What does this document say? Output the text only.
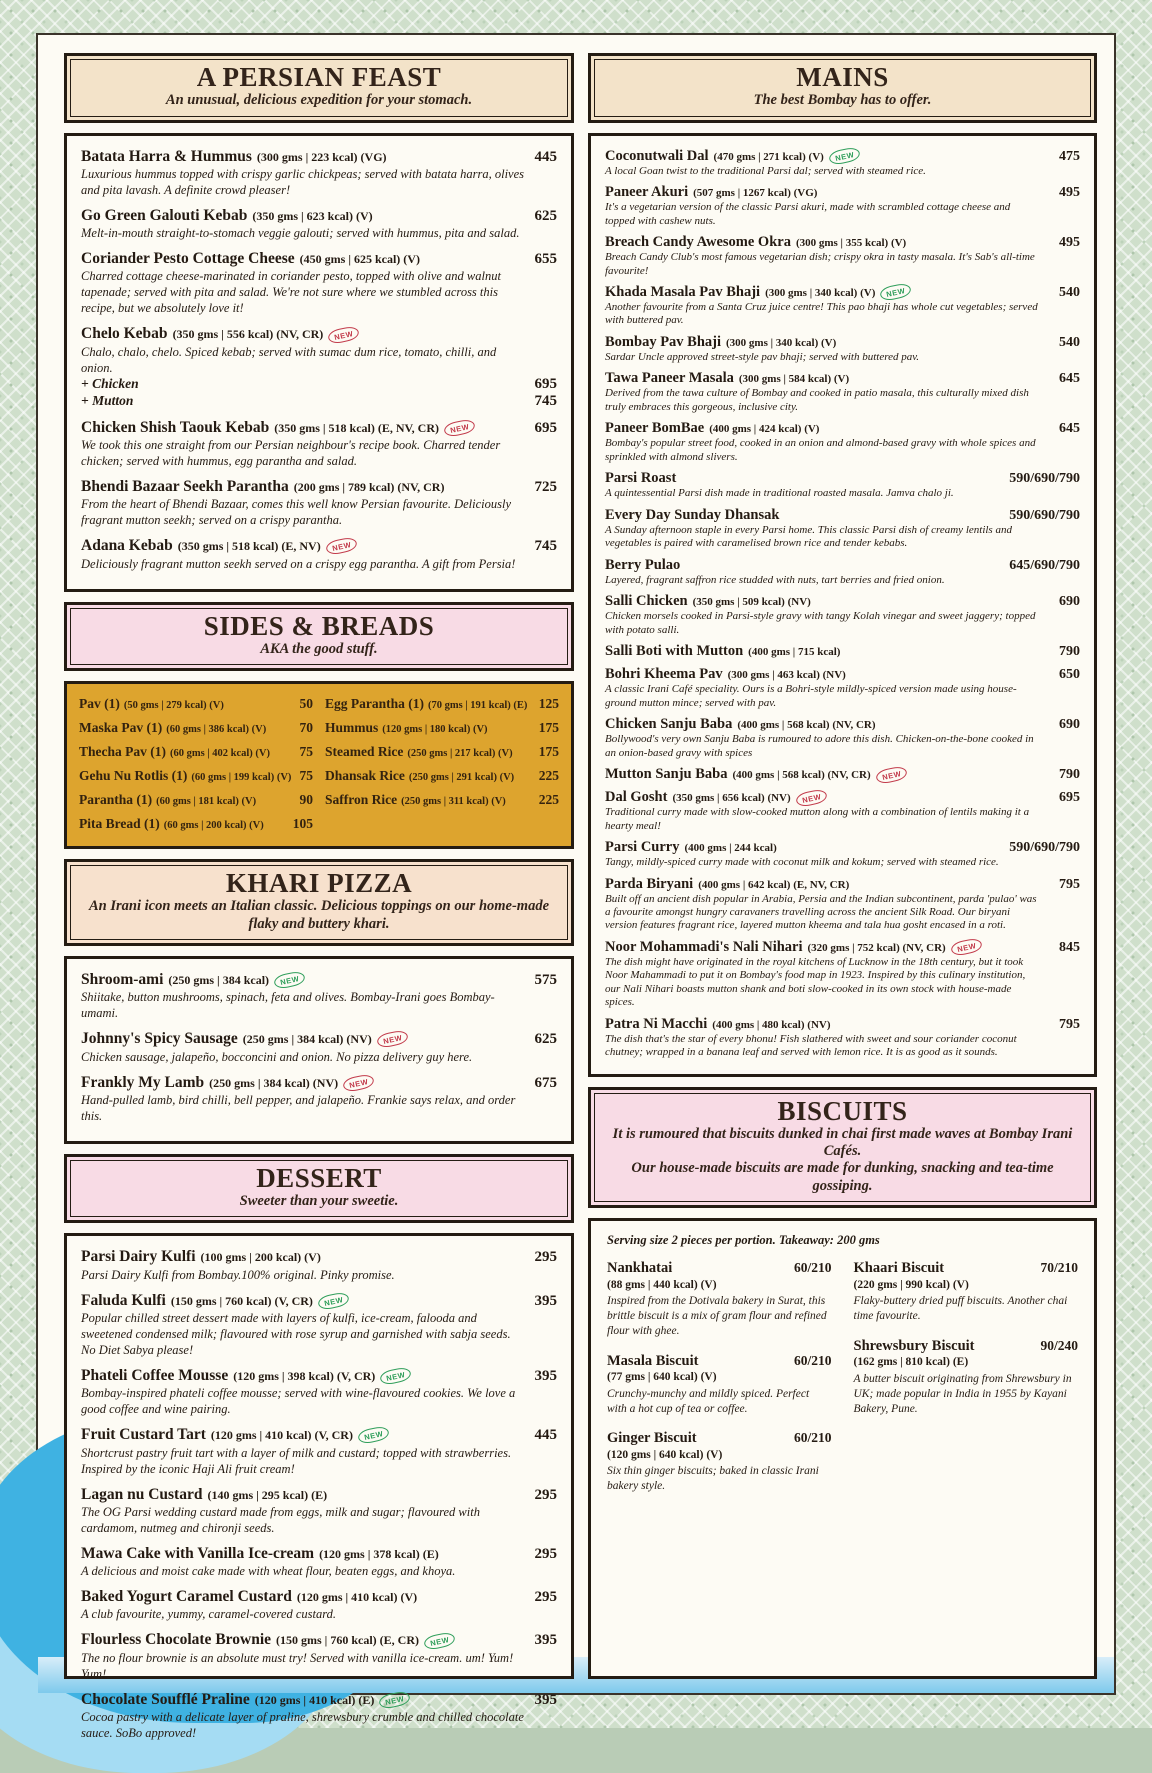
A PERSIAN FEAST
An unusual, delicious expedition for your stomach.
Batata Harra & Hummus (300 gms | 223 kcal) (VG)	445
Luxurious hummus topped with crispy garlic chickpeas; served with batata harra, olives and pita lavash. A definite crowd pleaser!
Go Green Galouti Kebab (350 gms | 623 kcal) (V)	625
Melt-in-mouth straight-to-stomach veggie galouti; served with hummus, pita and salad.
Coriander Pesto Cottage Cheese (450 gms | 625 kcal) (V)	655
Charred cottage cheese-marinated in coriander pesto, topped with olive and walnut tapenade; served with pita and salad. We're not sure where we stumbled across this recipe, but we absolutely love it!
Chelo Kebab (350 gms | 556 kcal) (NV, CR)	NEW
Chalo, chalo, chelo. Spiced kebab; served with sumac dum rice, tomato, chilli, and onion.
+ Chicken	695
+ Mutton	745
Chicken Shish Taouk Kebab (350 gms | 518 kcal) (E, NV, CR)	NEW	695
We took this one straight from our Persian neighbour's recipe book. Charred tender chicken; served with hummus, egg parantha and salad.
Bhendi Bazaar Seekh Parantha (200 gms | 789 kcal) (NV, CR)	725
From the heart of Bhendi Bazaar, comes this well know Persian favourite. Deliciously fragrant mutton seekh; served on a crispy parantha.
Adana Kebab (350 gms | 518 kcal) (E, NV)	NEW	745
Deliciously fragrant mutton seekh served on a crispy egg parantha. A gift from Persia!
SIDES & BREADS
AKA the good stuff.
Pav (1) (50 gms | 279 kcal) (V)	50
Maska Pav (1) (60 gms | 386 kcal) (V) 70
Thecha Pav (1) (60 gms | 402 kcal) (V) 75
Gehu Nu Rotlis (1) (60 gms | 199 kcal) (V) 75
Parantha (1) (60 gms | 181 kcal) (V)	90
Pita Bread (1) (60 gms | 200 kcal) (V) 105
Egg Parantha (1) (70 gms | 191 kcal) (E) 125
Hummus (120 gms | 180 kcal) (V)	175
Steamed Rice (250 gms | 217 kcal) (V) 175
Dhansak Rice (250 gms | 291 kcal) (V) 225
Saffron Rice (250 gms | 311 kcal) (V) 225
KHARI PIZZA
An Irani icon meets an Italian classic. Delicious toppings on our home-made flaky and buttery khari.
Shroom-ami (250 gms | 384 kcal)	NEW	575
Shiitake, button mushrooms, spinach, feta and olives. Bombay-Irani goes Bombay-umami.
Johnny's Spicy Sausage (250 gms | 384 kcal) (NV)	NEW	625
Chicken sausage, jalapeño, bocconcini and onion. No pizza delivery guy here.
Frankly My Lamb (250 gms | 384 kcal) (NV)	NEW	675
Hand-pulled lamb, bird chilli, bell pepper, and jalapeño. Frankie says relax, and order this.
DESSERT
Sweeter than your sweetie.
Parsi Dairy Kulfi (100 gms | 200 kcal) (V)	295
Parsi Dairy Kulfi from Bombay.100% original. Pinky promise.
Faluda Kulfi (150 gms | 760 kcal) (V, CR)	NEW	395
Popular chilled street dessert made with layers of kulfi, ice-cream, falooda and sweetened condensed milk; flavoured with rose syrup and garnished with sabja seeds. No Diet Sabya please!
Phateli Coffee Mousse (120 gms | 398 kcal) (V, CR)	NEW	395
Bombay-inspired phateli coffee mousse; served with wine-flavoured cookies. We love a good coffee and wine pairing.
Fruit Custard Tart (120 gms | 410 kcal) (V, CR)	NEW	445
Shortcrust pastry fruit tart with a layer of milk and custard; topped with strawberries. Inspired by the iconic Haji Ali fruit cream!
Lagan nu Custard (140 gms | 295 kcal) (E)	295
The OG Parsi wedding custard made from eggs, milk and sugar; flavoured with cardamom, nutmeg and chironji seeds.
Mawa Cake with Vanilla Ice-cream (120 gms | 378 kcal) (E)	295
A delicious and moist cake made with wheat flour, beaten eggs, and khoya.
Baked Yogurt Caramel Custard (120 gms | 410 kcal) (V)	295
A club favourite, yummy, caramel-covered custard.
Flourless Chocolate Brownie (150 gms | 760 kcal) (E, CR)	NEW	395
The no flour brownie is an absolute must try! Served with vanilla ice-cream. um! Yum! Yum!
Chocolate Soufflé Praline (120 gms | 410 kcal) (E)	NEW	395
Cocoa pastry with a delicate layer of praline, shrewsbury crumble and chilled chocolate sauce. SoBo approved!
MAINS
The best Bombay has to offer.
Coconutwali Dal (470 gms | 271 kcal) (V)	NEW	475
A local Goan twist to the traditional Parsi dal; served with steamed rice.
Paneer Akuri (507 gms | 1267 kcal) (VG)	495
It's a vegetarian version of the classic Parsi akuri, made with scrambled cottage cheese and topped with cashew nuts.
Breach Candy Awesome Okra (300 gms | 355 kcal) (V)	495
Breach Candy Club's most famous vegetarian dish; crispy okra in tasty masala. It's Sab's all-time favourite!
Khada Masala Pav Bhaji (300 gms | 340 kcal) (V)	NEW	540
Another favourite from a Santa Cruz juice centre! This pao bhaji has whole cut vegetables; served with buttered pav.
Bombay Pav Bhaji (300 gms | 340 kcal) (V)	540
Sardar Uncle approved street-style pav bhaji; served with buttered pav.
Tawa Paneer Masala (300 gms | 584 kcal) (V)	645
Derived from the tawa culture of Bombay and cooked in patio masala, this culturally mixed dish truly embraces this gorgeous, inclusive city.
Paneer BomBae (400 gms | 424 kcal) (V)	645
Bombay's popular street food, cooked in an onion and almond-based gravy with whole spices and sprinkled with almond slivers.
Parsi Roast	590/690/790
A quintessential Parsi dish made in traditional roasted masala. Jamva chalo ji.
Every Day Sunday Dhansak	590/690/790
A Sunday afternoon staple in every Parsi home. This classic Parsi dish of creamy lentils and vegetables is paired with caramelised brown rice and tender kebabs.
Berry Pulao	645/690/790
Layered, fragrant saffron rice studded with nuts, tart berries and fried onion.
Salli Chicken (350 gms | 509 kcal) (NV)	690
Chicken morsels cooked in Parsi-style gravy with tangy Kolah vinegar and sweet jaggery; topped with potato salli.
Salli Boti with Mutton (400 gms | 715 kcal)	790
Bohri Kheema Pav (300 gms | 463 kcal) (NV)	650
A classic Irani Café speciality. Ours is a Bohri-style mildly-spiced version made using house-ground mutton mince; served with pav.
Chicken Sanju Baba (400 gms | 568 kcal) (NV, CR)	690
Bollywood's very own Sanju Baba is rumoured to adore this dish. Chicken-on-the-bone cooked in an onion-based gravy with spices
Mutton Sanju Baba (400 gms | 568 kcal) (NV, CR)	NEW	790
Dal Gosht (350 gms | 656 kcal) (NV)	NEW	695
Traditional curry made with slow-cooked mutton along with a combination of lentils making it a hearty meal!
Parsi Curry (400 gms | 244 kcal)	590/690/790
Tangy, mildly-spiced curry made with coconut milk and kokum; served with steamed rice.
Parda Biryani (400 gms | 642 kcal) (E, NV, CR)	795
Built off an ancient dish popular in Arabia, Persia and the Indian subcontinent, parda 'pulao' was a favourite amongst hungry caravaners travelling across the ancient Silk Road. Our biryani version features fragrant rice, layered mutton kheema and tala hua gosht encased in a roti.
Noor Mohammadi's Nali Nihari (320 gms | 752 kcal) (NV, CR)	NEW	845
The dish might have originated in the royal kitchens of Lucknow in the 18th century, but it took Noor Mahammadi to put it on Bombay's food map in 1923. Inspired by this culinary institution, our Nali Nihari boasts mutton shank and boti slow-cooked in its own stock with house-made spices.
Patra Ni Macchi (400 gms | 480 kcal) (NV)	795
The dish that's the star of every bhonu! Fish slathered with sweet and sour coriander coconut chutney; wrapped in a banana leaf and served with lemon rice. It is as good as it sounds.
BISCUITS
It is rumoured that biscuits dunked in chai first made waves at Bombay Irani Cafés.
Our house-made biscuits are made for dunking, snacking and tea-time gossiping.
Serving size 2 pieces per portion. Takeaway: 200 gms
Nankhatai	60/210
(88 gms | 440 kcal) (V)
Inspired from the Dotivala bakery in Surat, this brittle biscuit is a mix of gram flour and refined flour with ghee.
Masala Biscuit	60/210
(77 gms | 640 kcal) (V)
Crunchy-munchy and mildly spiced. Perfect with a hot cup of tea or coffee.
Ginger Biscuit	60/210
(120 gms | 640 kcal) (V)
Six thin ginger biscuits; baked in classic Irani bakery style.
Khaari Biscuit	70/210
(220 gms | 990 kcal) (V)
Flaky-buttery dried puff biscuits. Another chai time favourite.
Shrewsbury Biscuit	90/240
(162 gms | 810 kcal) (E)
A butter biscuit originating from Shrewsbury in UK; made popular in India in 1955 by Kayani Bakery, Pune.
